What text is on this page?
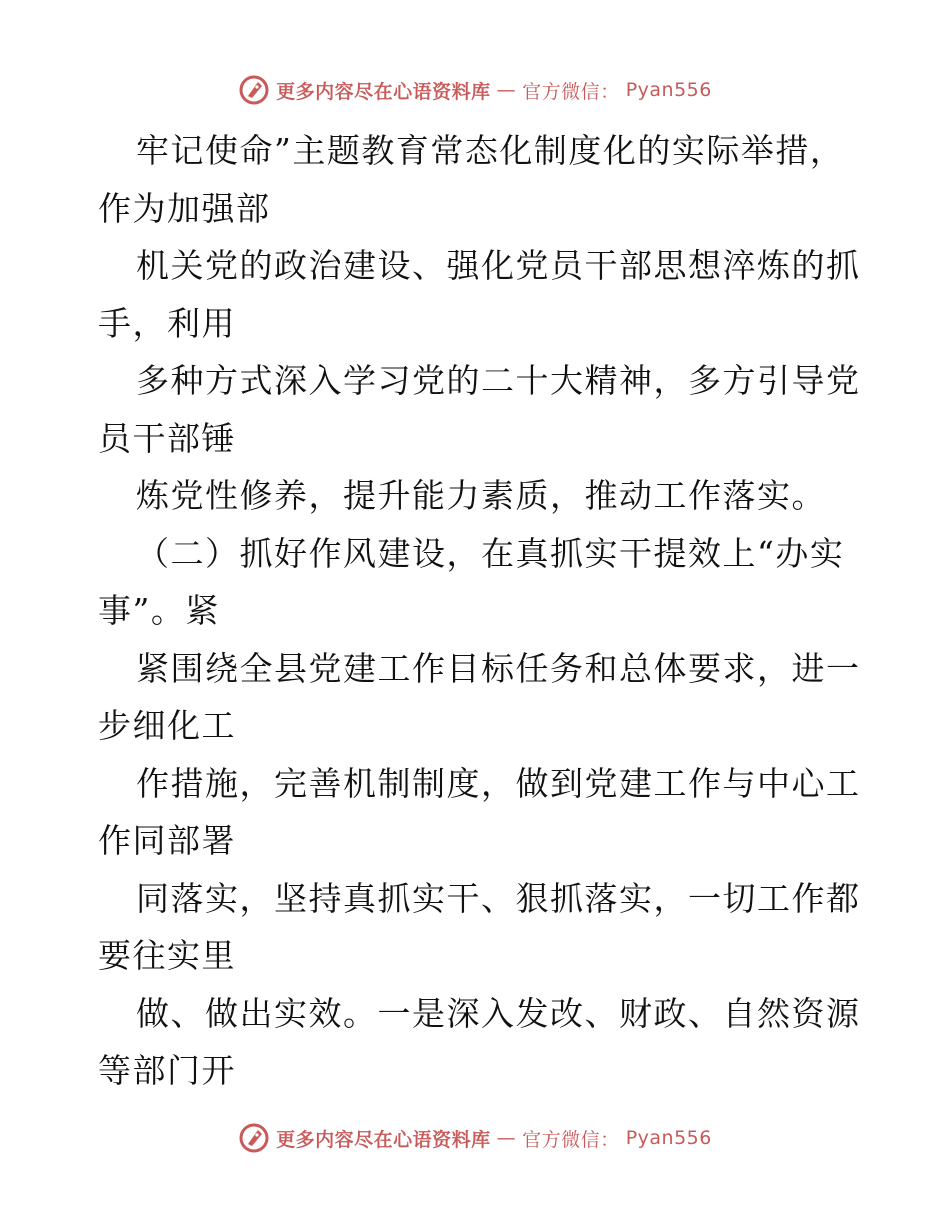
更多内容尽在心语资料库 — 官方微信： Pyan556
牢记使命”主题教育常态化制度化的实际举措，
作为加强部
机关党的政治建设、强化党员干部思想淬炼的抓
手，利用
多种方式深入学习党的二十大精神，多方引导党
员干部锤
炼党性修养，提升能力素质，推动工作落实。
（二）抓好作风建设，在真抓实干提效上“办实
事”。紧
紧围绕全县党建工作目标任务和总体要求，进一
步细化工
作措施，完善机制制度，做到党建工作与中心工
作同部署
同落实，坚持真抓实干、狠抓落实，一切工作都
要往实里
做、做出实效。一是深入发改、财政、自然资源
等部门开
更多内容尽在心语资料库 — 官方微信： Pyan556
